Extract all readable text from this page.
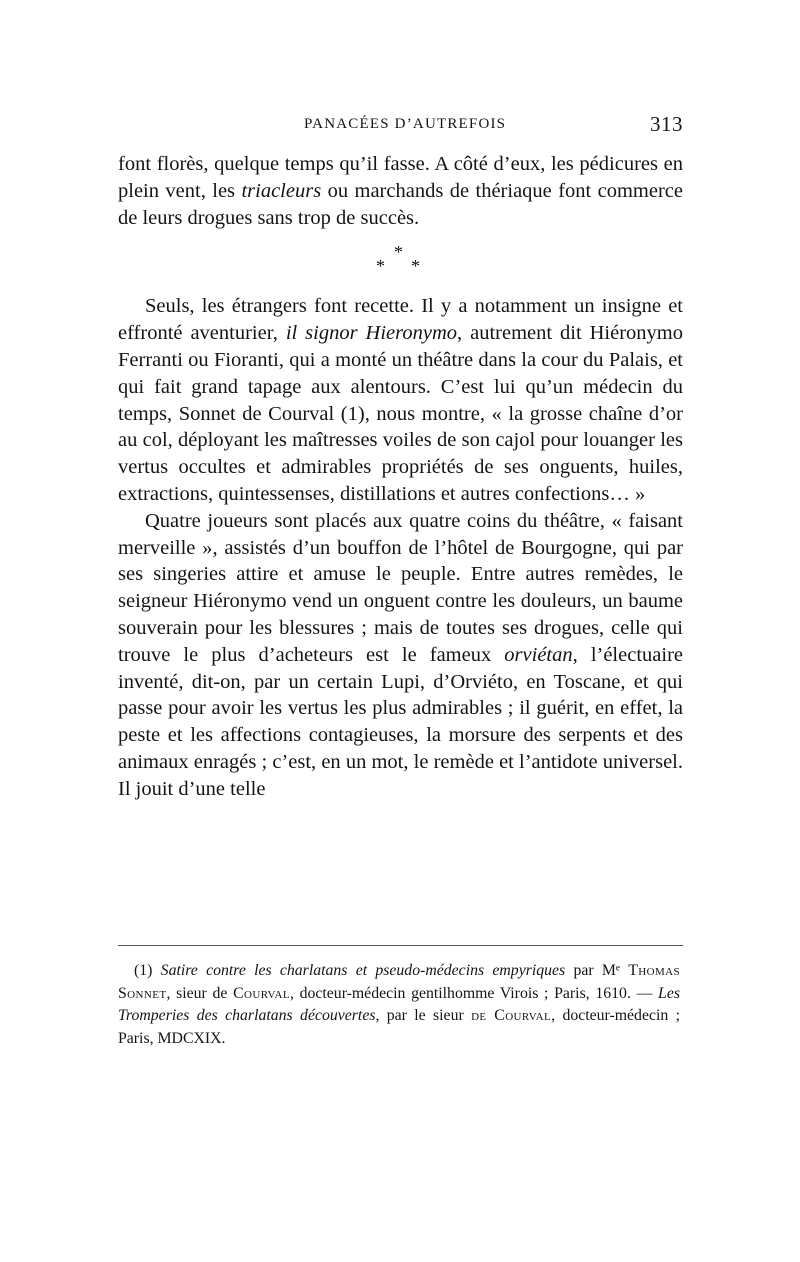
PANACÉES D’AUTREFOIS	313

font florès, quelque temps qu’il fasse. A côté d’eux, les pédicures en plein vent, les triacleurs ou marchands de thériaque font commerce de leurs drogues sans trop de succès.

*
* *

Seuls, les étrangers font recette. Il y a notamment un insigne et effronté aventurier, il signor Hieronymo, autrement dit Hiéronymo Ferranti ou Fioranti, qui a monté un théâtre dans la cour du Palais, et qui fait grand tapage aux alentours. C’est lui qu’un médecin du temps, Sonnet de Courval (1), nous montre, « la grosse chaîne d’or au col, déployant les maîtresses voiles de son cajol pour louanger les vertus occultes et admirables propriétés de ses onguents, huiles, extractions, quintessenses, distillations et autres confections… »

Quatre joueurs sont placés aux quatre coins du théâtre, « faisant merveille », assistés d’un bouffon de l’hôtel de Bourgogne, qui par ses singeries attire et amuse le peuple. Entre autres remèdes, le seigneur Hiéronymo vend un onguent contre les douleurs, un baume souverain pour les blessures ; mais de toutes ses drogues, celle qui trouve le plus d’acheteurs est le fameux orviétan, l’électuaire inventé, dit-on, par un certain Lupi, d’Orviéto, en Toscane, et qui passe pour avoir les vertus les plus admirables ; il guérit, en effet, la peste et les affections contagieuses, la morsure des serpents et des animaux enragés ; c’est, en un mot, le remède et l’antidote universel. Il jouit d’une telle

(1) Satire contre les charlatans et pseudo-médecins empyriques par Mᵉ Thomas Sonnet, sieur de Courval, docteur-médecin gentilhomme Virois ; Paris, 1610. — Les Tromperies des charlatans découvertes, par le sieur de Courval, docteur-médecin ; Paris, MDCXIX.
